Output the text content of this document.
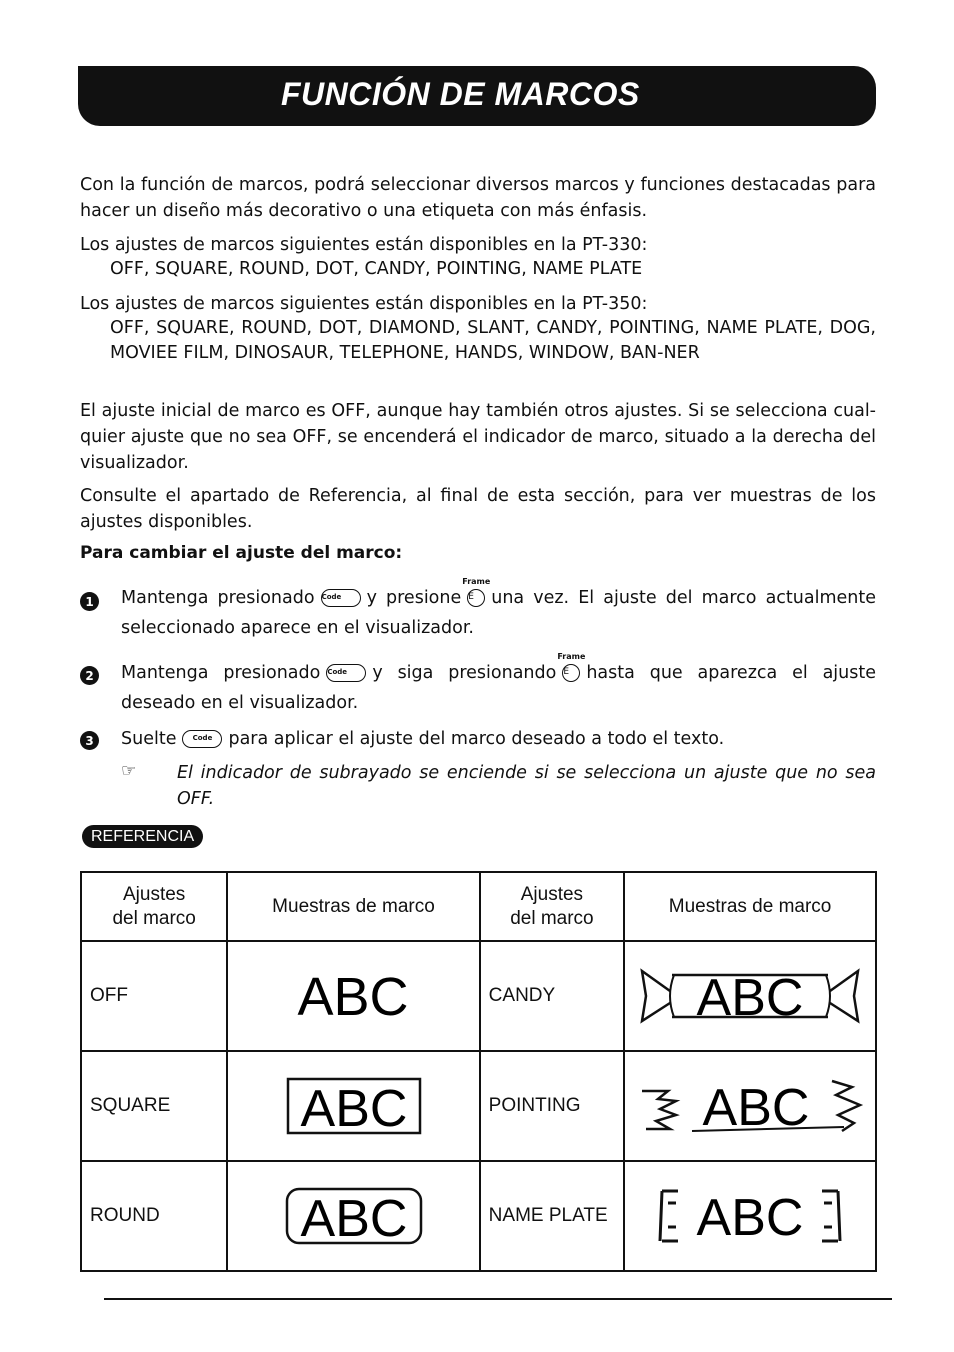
FUNCIÓN DE MARCOS

Con la función de marcos, podrá seleccionar diversos marcos y funciones destacadas para hacer un diseño más decorativo o una etiqueta con más énfasis.

Los ajustes de marcos siguientes están disponibles en la PT-330:

OFF, SQUARE, ROUND, DOT, CANDY, POINTING, NAME PLATE

Los ajustes de marcos siguientes están disponibles en la PT-350:

OFF, SQUARE, ROUND, DOT, DIAMOND, SLANT, CANDY, POINTING, NAME PLATE, DOG, MOVIEE FILM, DINOSAUR, TELEPHONE, HANDS, WINDOW, BAN-NER

El ajuste inicial de marco es OFF, aunque hay también otros ajustes. Si se selecciona cual-quier ajuste que no sea OFF, se encenderá el indicador de marco, situado a la derecha del visualizador.

Consulte el apartado de Referencia, al final de esta sección, para ver muestras de los ajustes disponibles.

Para cambiar el ajuste del marco:

1	Mantenga presionado Code y presione
Frame
E una vez. El ajuste del marco actualmente seleccionado aparece en el visualizador.
2	Mantenga presionado Code y siga presionando
Frame
E hasta que aparezca el ajuste deseado en el visualizador.
3	Suelte Code para aplicar el ajuste del marco deseado a todo el texto.
☞ El indicador de subrayado se enciende si se selecciona un ajuste que no sea OFF.

REFERENCIA
Ajustes del marco	Muestras de marco	Ajustes del marco	Muestras de marco
OFF	ABC	CANDY	ABC

SQUARE	ABC	POINTING	ABC

ROUND	ABC	NAME PLATE	ABC
